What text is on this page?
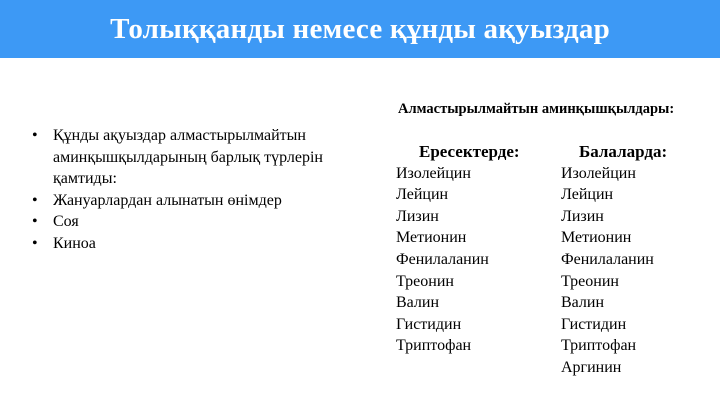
Толыққанды немесе құнды ақуыздар
• Құнды ақуыздар алмастырылмайтын аминқышқылдарының барлық түрлерін қамтиды:
• Жануарлардан алынатын өнімдер
• Соя
• Киноа
Алмастырылмайтын аминқышқылдары:
Ересектерде:
Изолейцин
Лейцин
Лизин
Метионин
Фенилаланин
Треонин
Валин
Гистидин
Триптофан
Балаларда:
Изолейцин
Лейцин
Лизин
Метионин
Фенилаланин
Треонин
Валин
Гистидин
Триптофан
Аргинин
